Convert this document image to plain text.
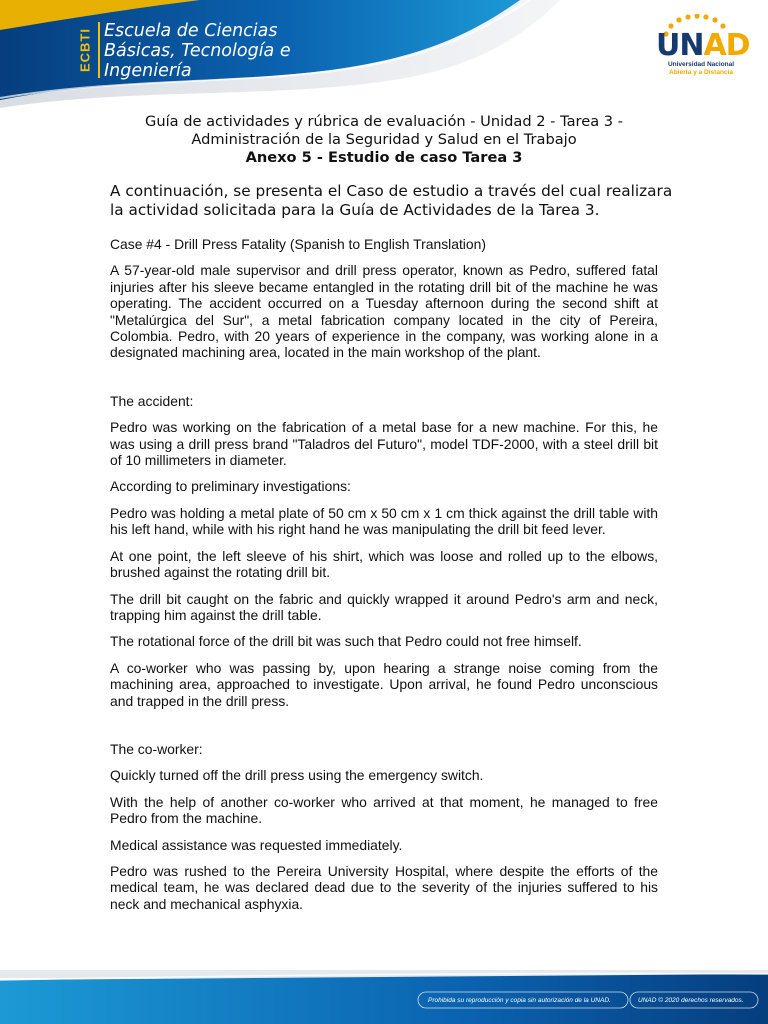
ECBTI Escuela de Ciencias
Básicas, Tecnología e
Ingeniería
UNAD
Universidad Nacional
Abierta y a Distancia
Guía de actividades y rúbrica de evaluación - Unidad 2 - Tarea 3 -
Administración de la Seguridad y Salud en el Trabajo
Anexo 5 - Estudio de caso Tarea 3
A continuación, se presenta el Caso de estudio a través del cual realizara la actividad solicitada para la Guía de Actividades de la Tarea 3.

Case #4 - Drill Press Fatality (Spanish to English Translation)

A 57-year-old male supervisor and drill press operator, known as Pedro, suffered fatal injuries after his sleeve became entangled in the rotating drill bit of the machine he was operating. The accident occurred on a Tuesday afternoon during the second shift at "Metalúrgica del Sur", a metal fabrication company located in the city of Pereira, Colombia. Pedro, with 20 years of experience in the company, was working alone in a designated machining area, located in the main workshop of the plant.

The accident:

Pedro was working on the fabrication of a metal base for a new machine. For this, he was using a drill press brand "Taladros del Futuro", model TDF-2000, with a steel drill bit of 10 millimeters in diameter.

According to preliminary investigations:

Pedro was holding a metal plate of 50 cm x 50 cm x 1 cm thick against the drill table with his left hand, while with his right hand he was manipulating the drill bit feed lever.

At one point, the left sleeve of his shirt, which was loose and rolled up to the elbows, brushed against the rotating drill bit.

The drill bit caught on the fabric and quickly wrapped it around Pedro's arm and neck, trapping him against the drill table.

The rotational force of the drill bit was such that Pedro could not free himself.

A co-worker who was passing by, upon hearing a strange noise coming from the machining area, approached to investigate. Upon arrival, he found Pedro unconscious and trapped in the drill press.

The co-worker:

Quickly turned off the drill press using the emergency switch.

With the help of another co-worker who arrived at that moment, he managed to free Pedro from the machine.

Medical assistance was requested immediately.

Pedro was rushed to the Pereira University Hospital, where despite the efforts of the medical team, he was declared dead due to the severity of the injuries suffered to his neck and mechanical asphyxia.

Prohibida su reproducción y copia sin autorización de la UNAD.	UNAD © 2020 derechos reservados.
